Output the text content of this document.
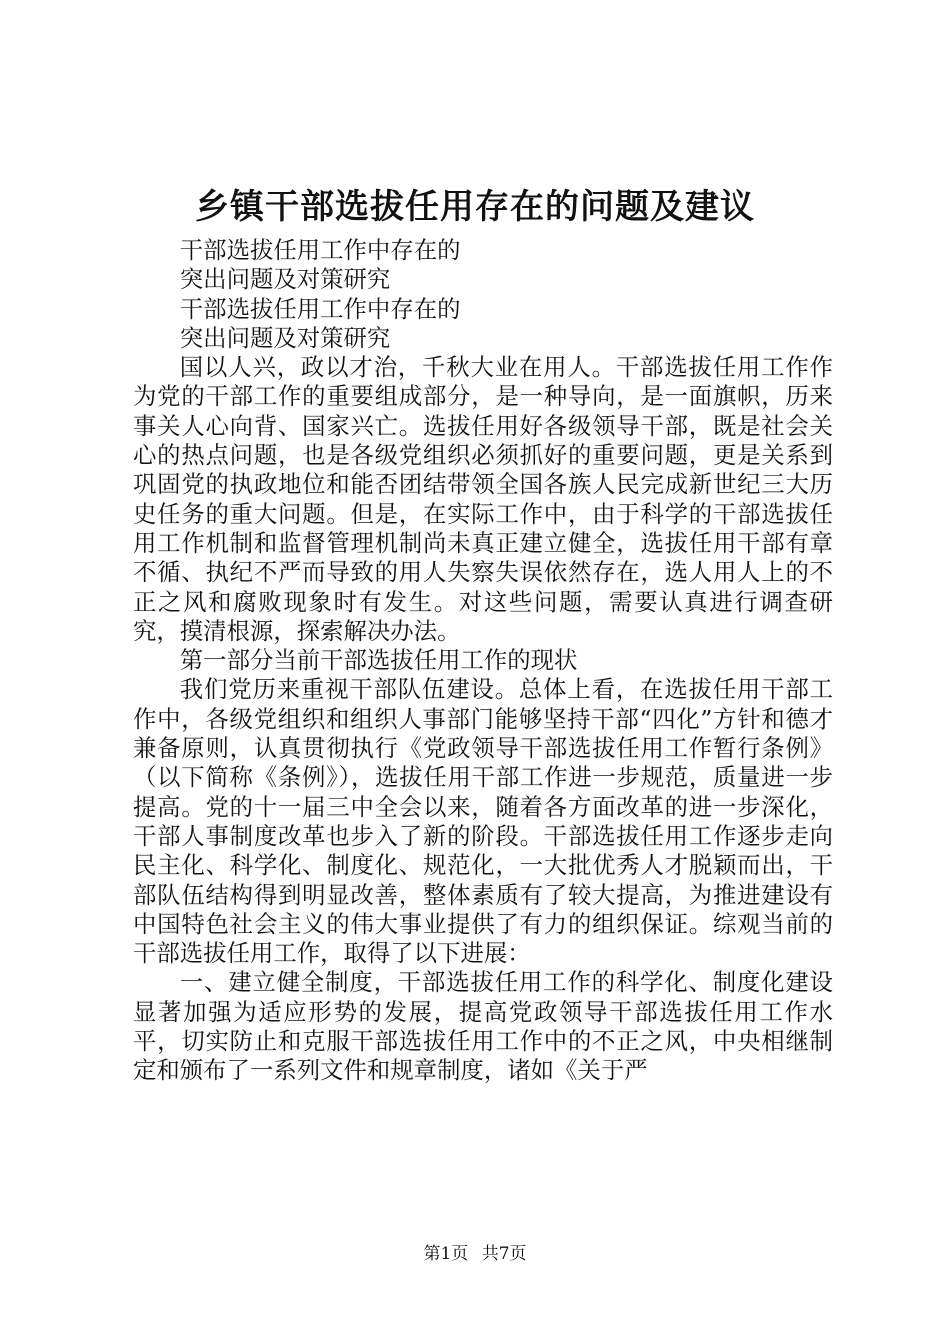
乡镇干部选拔任用存在的问题及建议

干部选拔任用工作中存在的

突出问题及对策研究

干部选拔任用工作中存在的

突出问题及对策研究

国以人兴，政以才治，千秋大业在用人。干部选拔任用工作作为党的干部工作的重要组成部分，是一种导向，是一面旗帜，历来事关人心向背、国家兴亡。选拔任用好各级领导干部，既是社会关心的热点问题，也是各级党组织必须抓好的重要问题，更是关系到巩固党的执政地位和能否团结带领全国各族人民完成新世纪三大历史任务的重大问题。但是，在实际工作中，由于科学的干部选拔任用工作机制和监督管理机制尚未真正建立健全，选拔任用干部有章不循、执纪不严而导致的用人失察失误依然存在，选人用人上的不正之风和腐败现象时有发生。对这些问题，需要认真进行调查研究，摸清根源，探索解决办法。

第一部分当前干部选拔任用工作的现状

我们党历来重视干部队伍建设。总体上看，在选拔任用干部工作中，各级党组织和组织人事部门能够坚持干部“四化”方针和德才兼备原则，认真贯彻执行《党政领导干部选拔任用工作暂行条例》（以下简称《条例》），选拔任用干部工作进一步规范，质量进一步提高。党的十一届三中全会以来，随着各方面改革的进一步深化，干部人事制度改革也步入了新的阶段。干部选拔任用工作逐步走向民主化、科学化、制度化、规范化，一大批优秀人才脱颖而出，干部队伍结构得到明显改善，整体素质有了较大提高，为推进建设有中国特色社会主义的伟大事业提供了有力的组织保证。综观当前的干部选拔任用工作，取得了以下进展：

一、建立健全制度，干部选拔任用工作的科学化、制度化建设显著加强为适应形势的发展，提高党政领导干部选拔任用工作水平，切实防止和克服干部选拔任用工作中的不正之风，中央相继制定和颁布了一系列文件和规章制度，诸如《关于严

第1页 共7页
